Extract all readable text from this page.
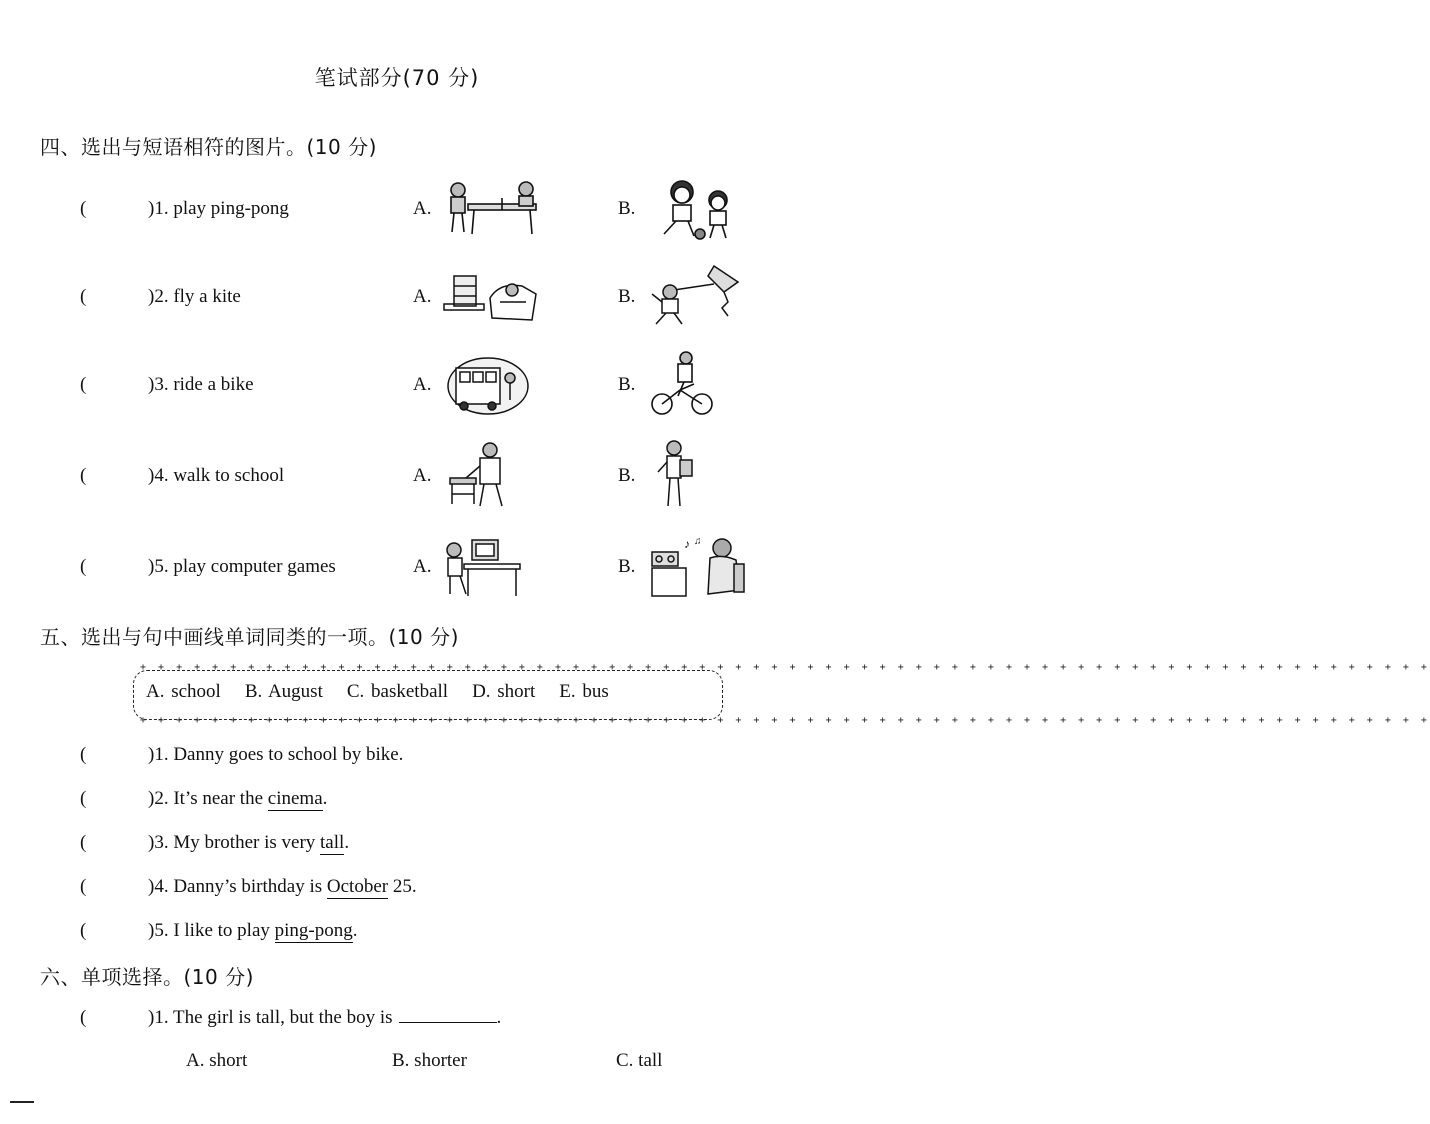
笔试部分(70 分)
四、选出与短语相符的图片。(10 分)
(	)1. play ping-pong	A.	B.
(	)2. fly a kite	A.	B.
(	)3. ride a bike	A.	B.
(	)4. walk to school	A.	B.
(	)5. play computer games	A.	B.
♪ ♫
五、选出与句中画线单词同类的一项。(10 分)
+ + + + + + + + + + + + + + + + + + + + + + + + + + + + + + + + + + + + + + + + + + + + + + + + + + + + + + + + + + + + + + + + + + + + + + + +
+ + + + + + + + + + + + + + + + + + + + + + + + + + + + + + + + + + + + + + + + + + + + + + + + + + + + + + + + + + + + + + + + + + + + + + + +
A. school B. August C. basketball D. short E. bus
(	)1. Danny goes to school by bike.
(	)2. It’s near the cinema.
(	)3. My brother is very tall.
(	)4. Danny’s birthday is October 25.
(	)5. I like to play ping-pong.
六、单项选择。(10 分)
(	)1. The girl is tall, but the boy is	.
A. short	B. shorter	C. tall
